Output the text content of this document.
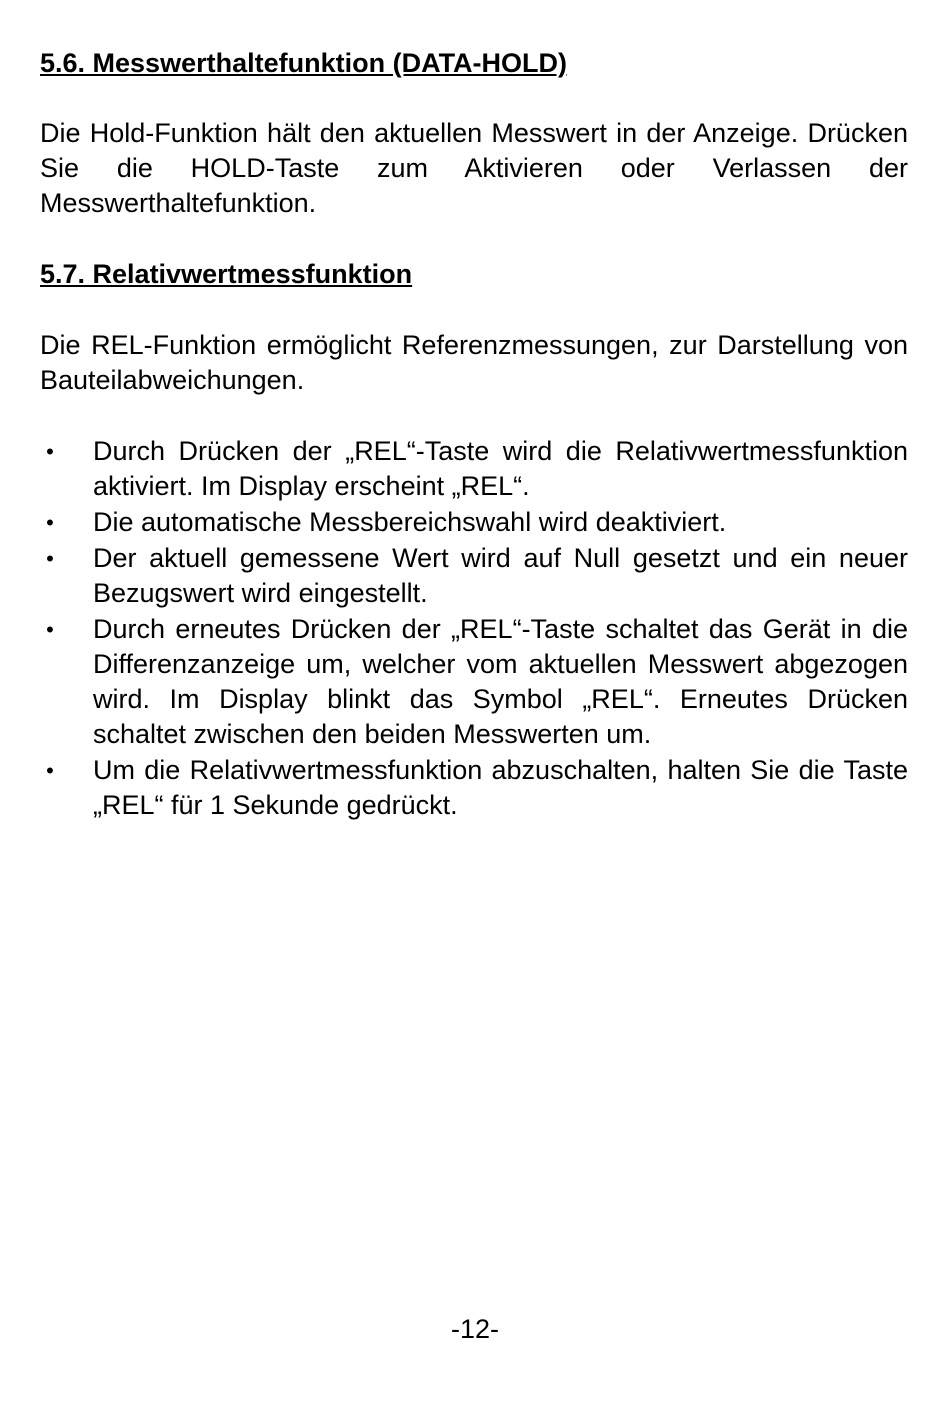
5.6. Messwerthaltefunktion (DATA-HOLD)

Die Hold-Funktion hält den aktuellen Messwert in der Anzeige. Drücken Sie die HOLD-Taste zum Aktivieren oder Verlassen der Messwerthaltefunktion.

5.7. Relativwertmessfunktion

Die REL-Funktion ermöglicht Referenzmessungen, zur Darstellung von Bauteilabweichungen.

• Durch Drücken der „REL“-Taste wird die Relativwertmessfunktion aktiviert. Im Display erscheint „REL“.
• Die automatische Messbereichswahl wird deaktiviert.
• Der aktuell gemessene Wert wird auf Null gesetzt und ein neuer Bezugswert wird eingestellt.
• Durch erneutes Drücken der „REL“-Taste schaltet das Gerät in die Differenzanzeige um, welcher vom aktuellen Messwert abgezogen wird. Im Display blinkt das Symbol „REL“. Erneutes Drücken schaltet zwischen den beiden Messwerten um.
• Um die Relativwertmessfunktion abzuschalten, halten Sie die Taste „REL“ für 1 Sekunde gedrückt.
-12-
